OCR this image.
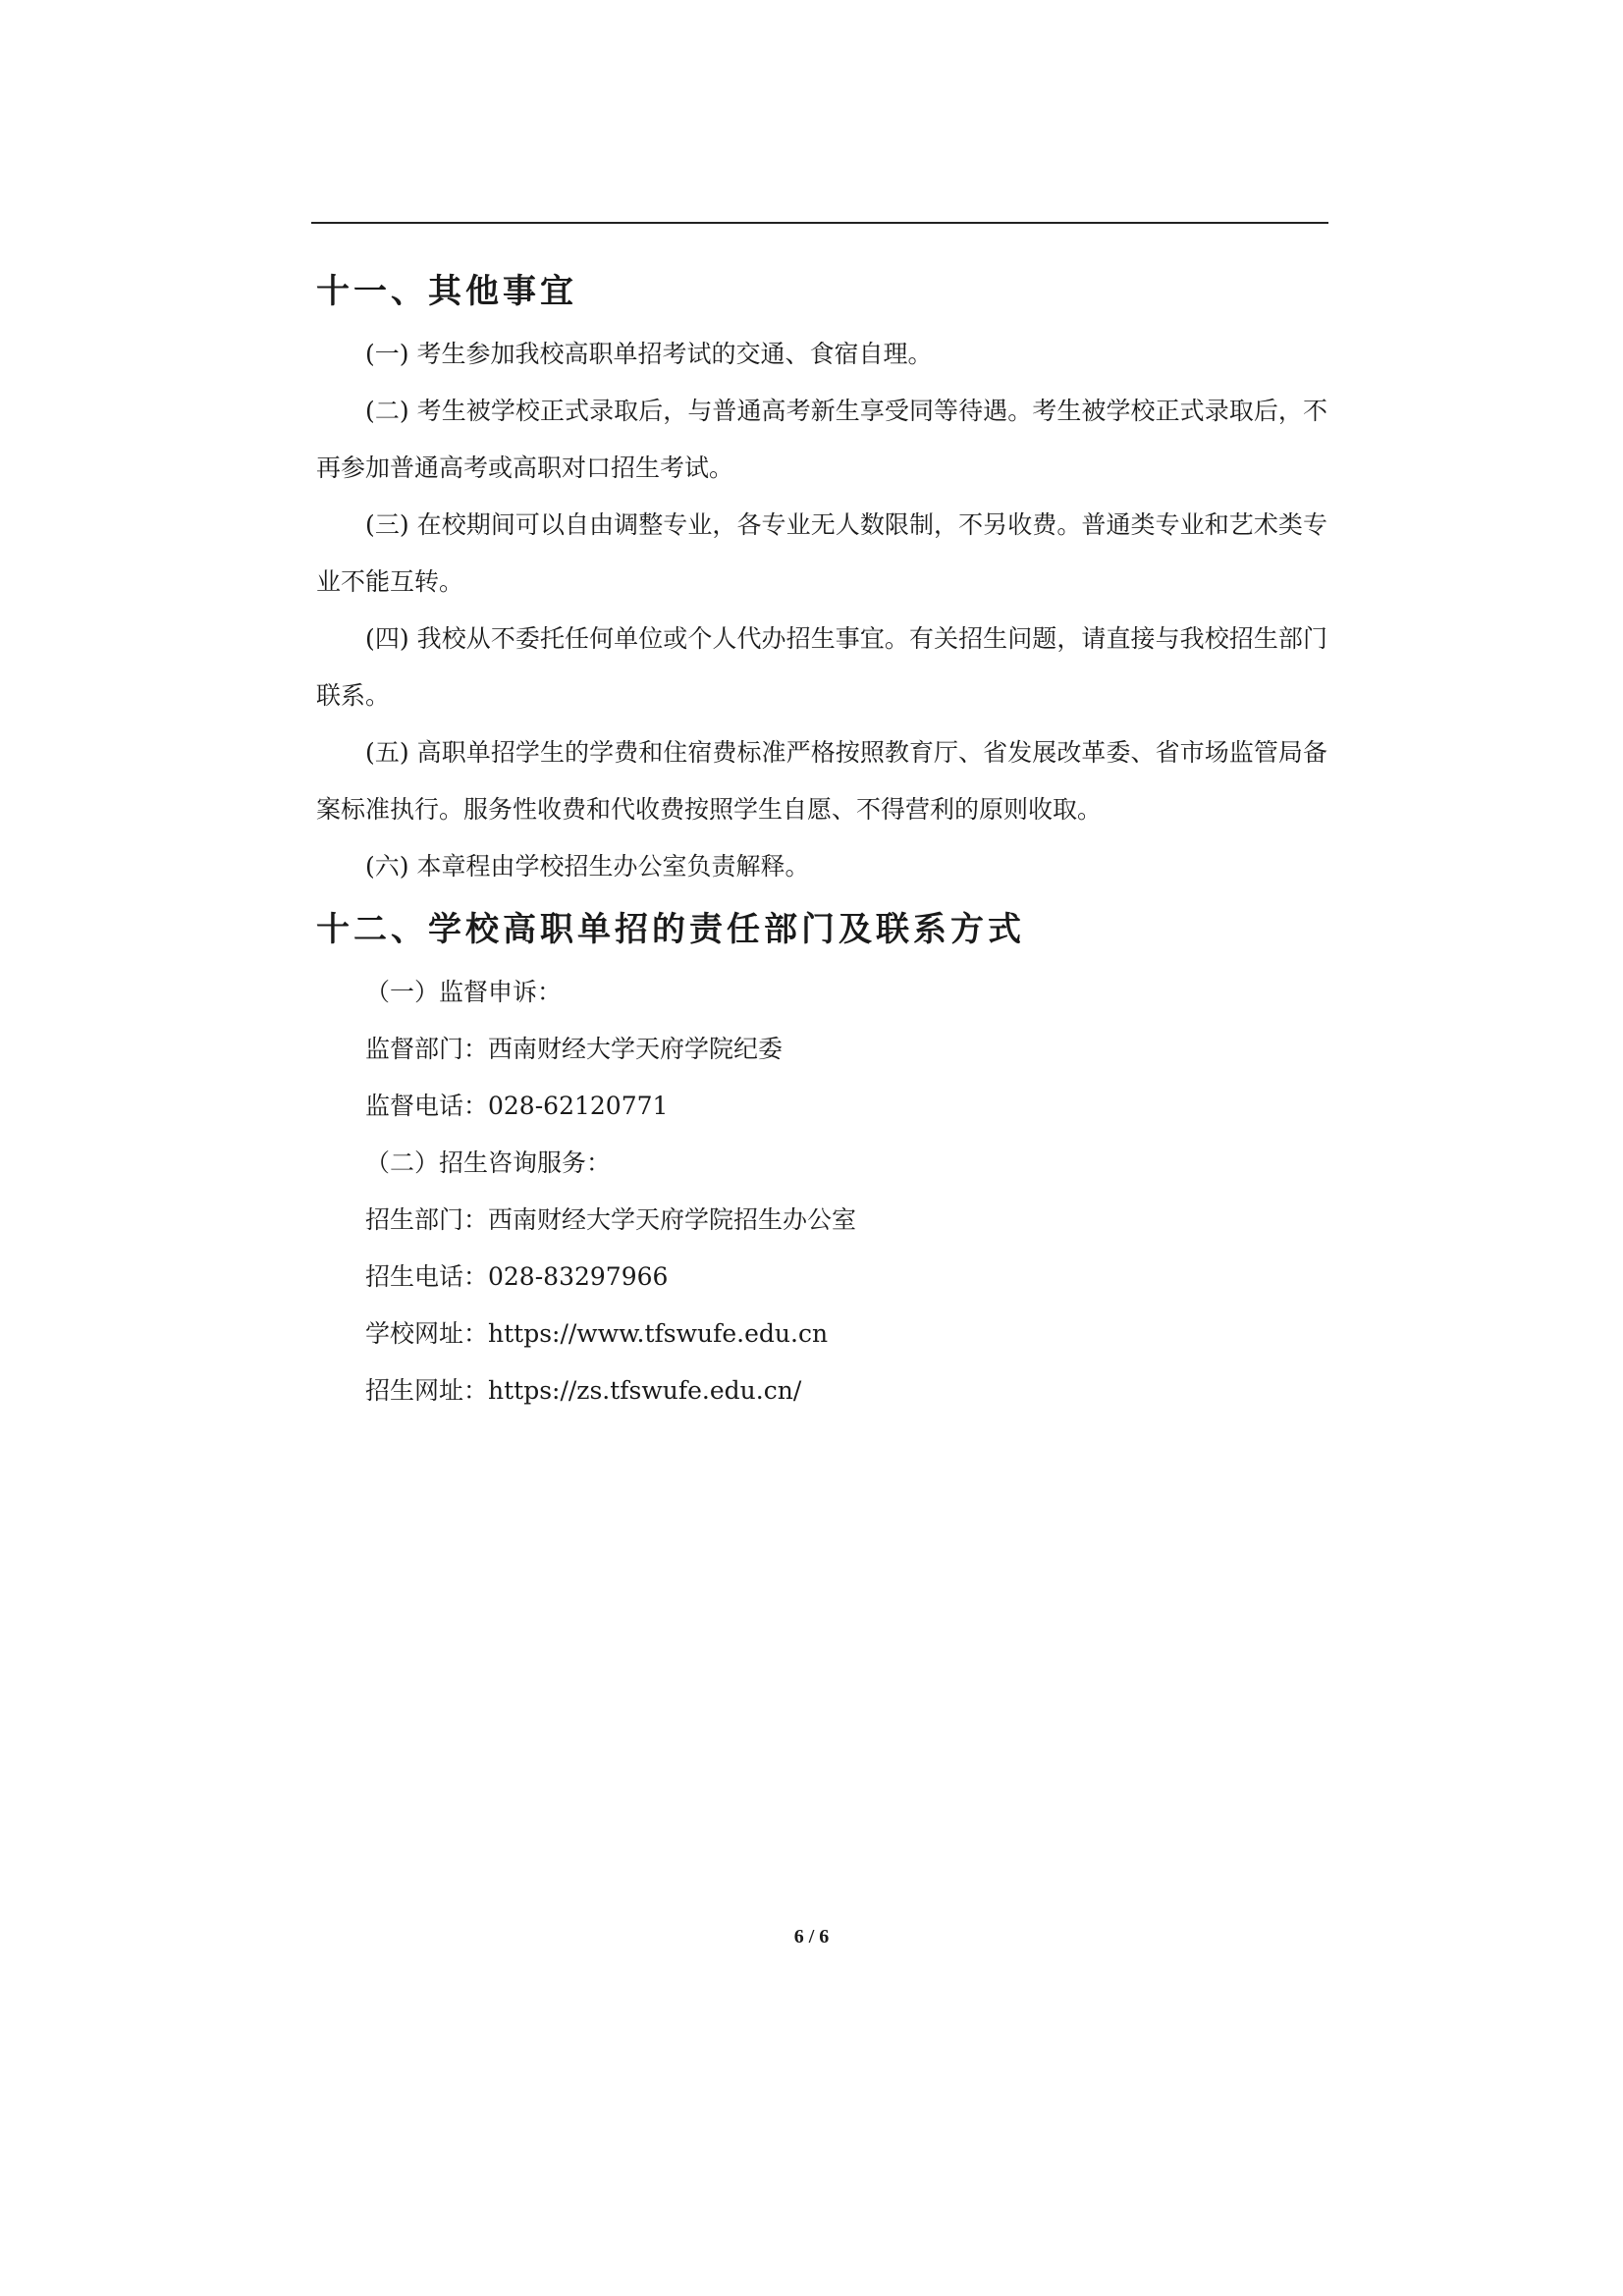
十一、其他事宜

(一) 考生参加我校高职单招考试的交通、食宿自理。

(二) 考生被学校正式录取后，与普通高考新生享受同等待遇。考生被学校正式录取后，不再参加普通高考或高职对口招生考试。

(三) 在校期间可以自由调整专业，各专业无人数限制，不另收费。普通类专业和艺术类专业不能互转。

(四) 我校从不委托任何单位或个人代办招生事宜。有关招生问题，请直接与我校招生部门联系。

(五) 高职单招学生的学费和住宿费标准严格按照教育厅、省发展改革委、省市场监管局备案标准执行。服务性收费和代收费按照学生自愿、不得营利的原则收取。

(六) 本章程由学校招生办公室负责解释。

十二、学校高职单招的责任部门及联系方式

（一）监督申诉：

监督部门：西南财经大学天府学院纪委

监督电话：028-62120771

（二）招生咨询服务：

招生部门：西南财经大学天府学院招生办公室

招生电话：028-83297966

学校网址：https://www.tfswufe.edu.cn

招生网址：https://zs.tfswufe.edu.cn/

6 / 6
